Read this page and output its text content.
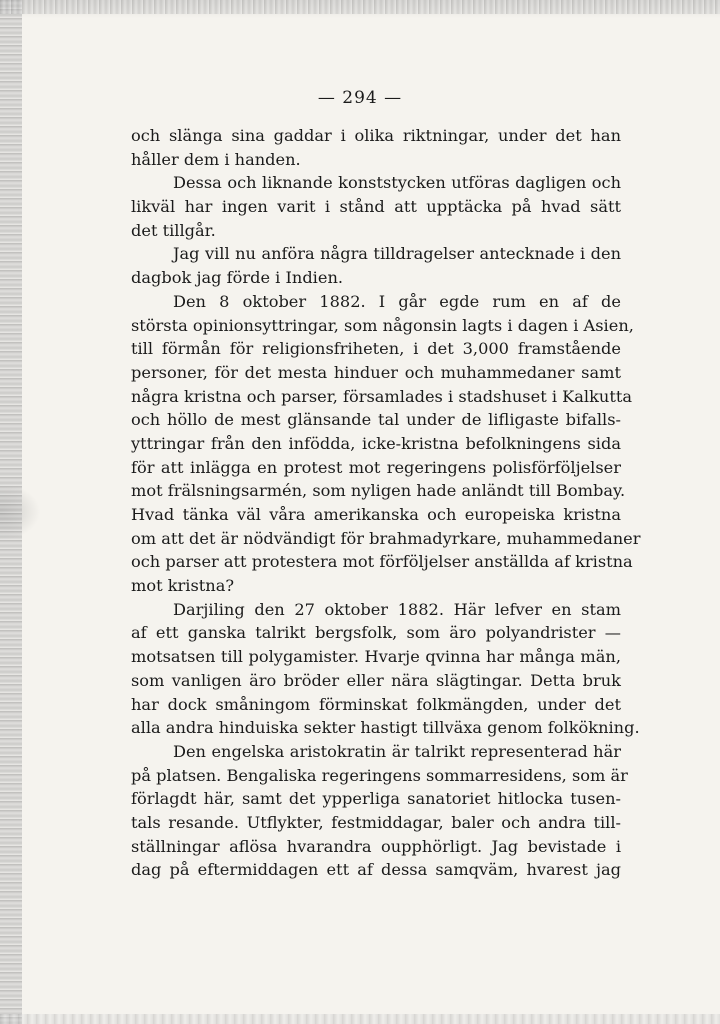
— 294 —
och slänga sina gaddar i olika riktningar, under det han
håller dem i handen.
Dessa och liknande konststycken utföras dagligen och
likväl har ingen varit i stånd att upptäcka på hvad sätt
det tillgår.
Jag vill nu anföra några tilldragelser antecknade i den
dagbok jag förde i Indien.
Den 8 oktober 1882. I går egde rum en af de
största opinionsyttringar, som någonsin lagts i dagen i Asien,
till förmån för religionsfriheten, i det 3,000 framstående
personer, för det mesta hinduer och muhammedaner samt
några kristna och parser, församlades i stadshuset i Kalkutta
och höllo de mest glänsande tal under de lifligaste bifalls-
yttringar från den infödda, icke-kristna befolkningens sida
för att inlägga en protest mot regeringens polisförföljelser
mot frälsningsarmén, som nyligen hade anländt till Bombay.
Hvad tänka väl våra amerikanska och europeiska kristna
om att det är nödvändigt för brahmadyrkare, muhammedaner
och parser att protestera mot förföljelser anställda af kristna
mot kristna?
Darjiling den 27 oktober 1882. Här lefver en stam
af ett ganska talrikt bergsfolk, som äro polyandrister —
motsatsen till polygamister. Hvarje qvinna har många män,
som vanligen äro bröder eller nära slägtingar. Detta bruk
har dock småningom förminskat folkmängden, under det
alla andra hinduiska sekter hastigt tillväxa genom folkökning.
Den engelska aristokratin är talrikt representerad här
på platsen. Bengaliska regeringens sommarresidens, som är
förlagdt här, samt det ypperliga sanatoriet hitlocka tusen-
tals resande. Utflykter, festmiddagar, baler och andra till-
ställningar aflösa hvarandra oupphörligt. Jag bevistade i
dag på eftermiddagen ett af dessa samqväm, hvarest jag
